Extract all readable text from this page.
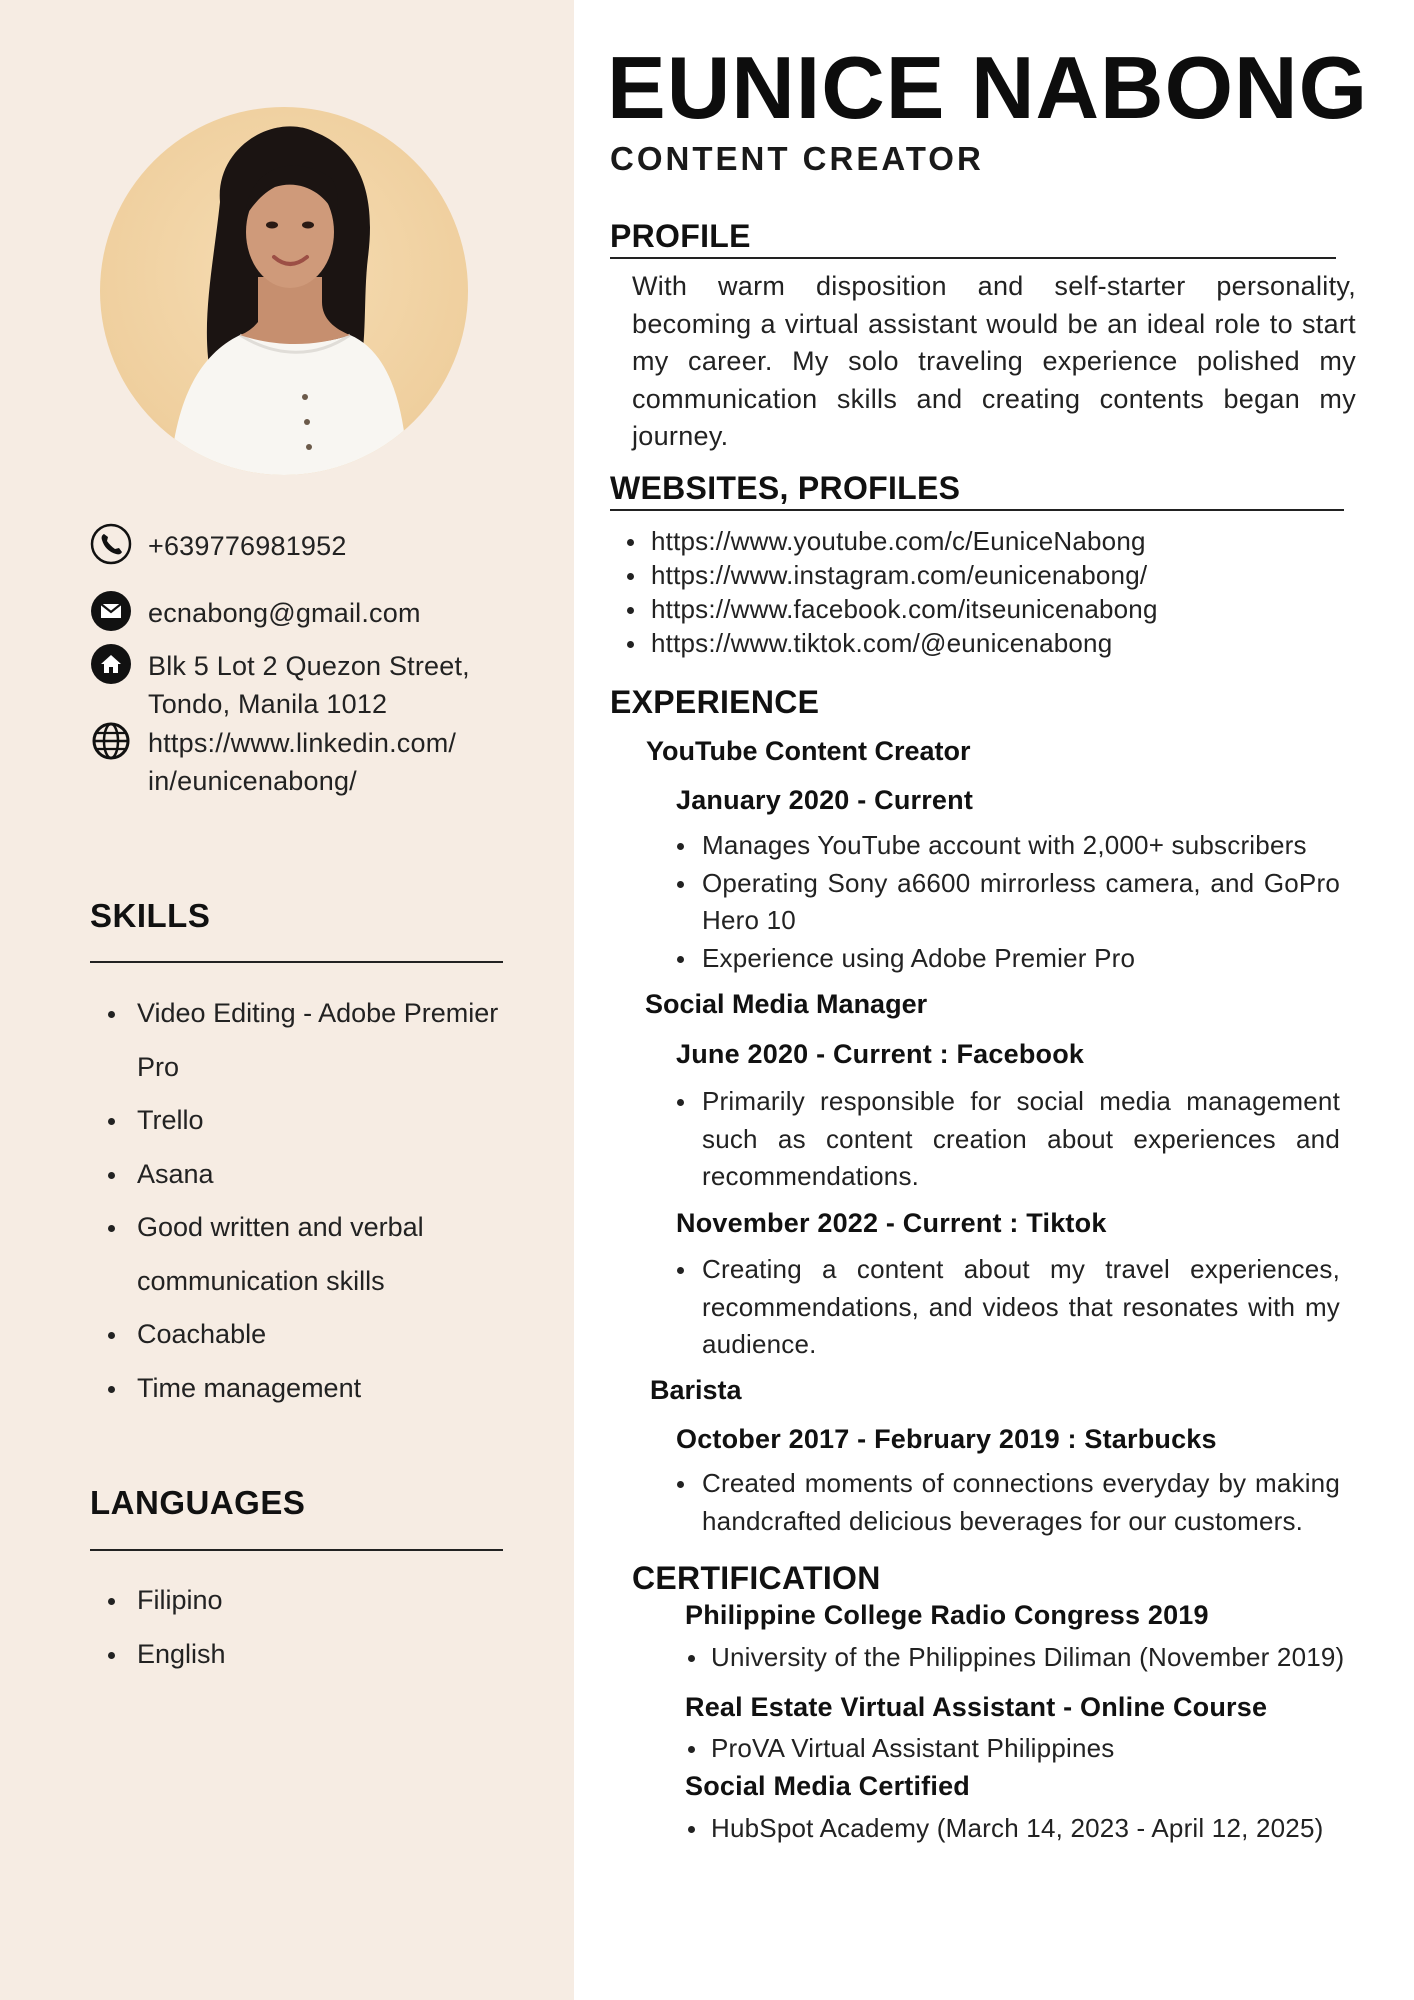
+639776981952
ecnabong@gmail.com
Blk 5 Lot 2 Quezon Street,
Tondo, Manila 1012
https://www.linkedin.com/
in/eunicenabong/
SKILLS
Video Editing - Adobe Premier
Pro
Trello
Asana
Good written and verbal
communication skills
Coachable
Time management
LANGUAGES
Filipino
English
EUNICE NABONG
CONTENT CREATOR
PROFILE
With warm disposition and self-starter personality, becoming a virtual assistant would be an ideal role to start my career. My solo traveling experience polished my communication skills and creating contents began my journey.
WEBSITES, PROFILES
https://www.youtube.com/c/EuniceNabong
https://www.instagram.com/eunicenabong/
https://www.facebook.com/itseunicenabong
https://www.tiktok.com/@eunicenabong
EXPERIENCE
YouTube Content Creator
January 2020 - Current
Manages YouTube account with 2,000+ subscribers
Operating Sony a6600 mirrorless camera, and GoPro Hero 10
Experience using Adobe Premier Pro
Social Media Manager
June 2020 - Current : Facebook
Primarily responsible for social media management such as content creation about experiences and recommendations.
November 2022 - Current : Tiktok
Creating a content about my travel experiences, recommendations, and videos that resonates with my audience.
Barista
October 2017 - February 2019 : Starbucks
Created moments of connections everyday by making handcrafted delicious beverages for our customers.
CERTIFICATION
Philippine College Radio Congress 2019
University of the Philippines Diliman (November 2019)
Real Estate Virtual Assistant - Online Course
ProVA Virtual Assistant Philippines
Social Media Certified
HubSpot Academy (March 14, 2023 - April 12, 2025)
